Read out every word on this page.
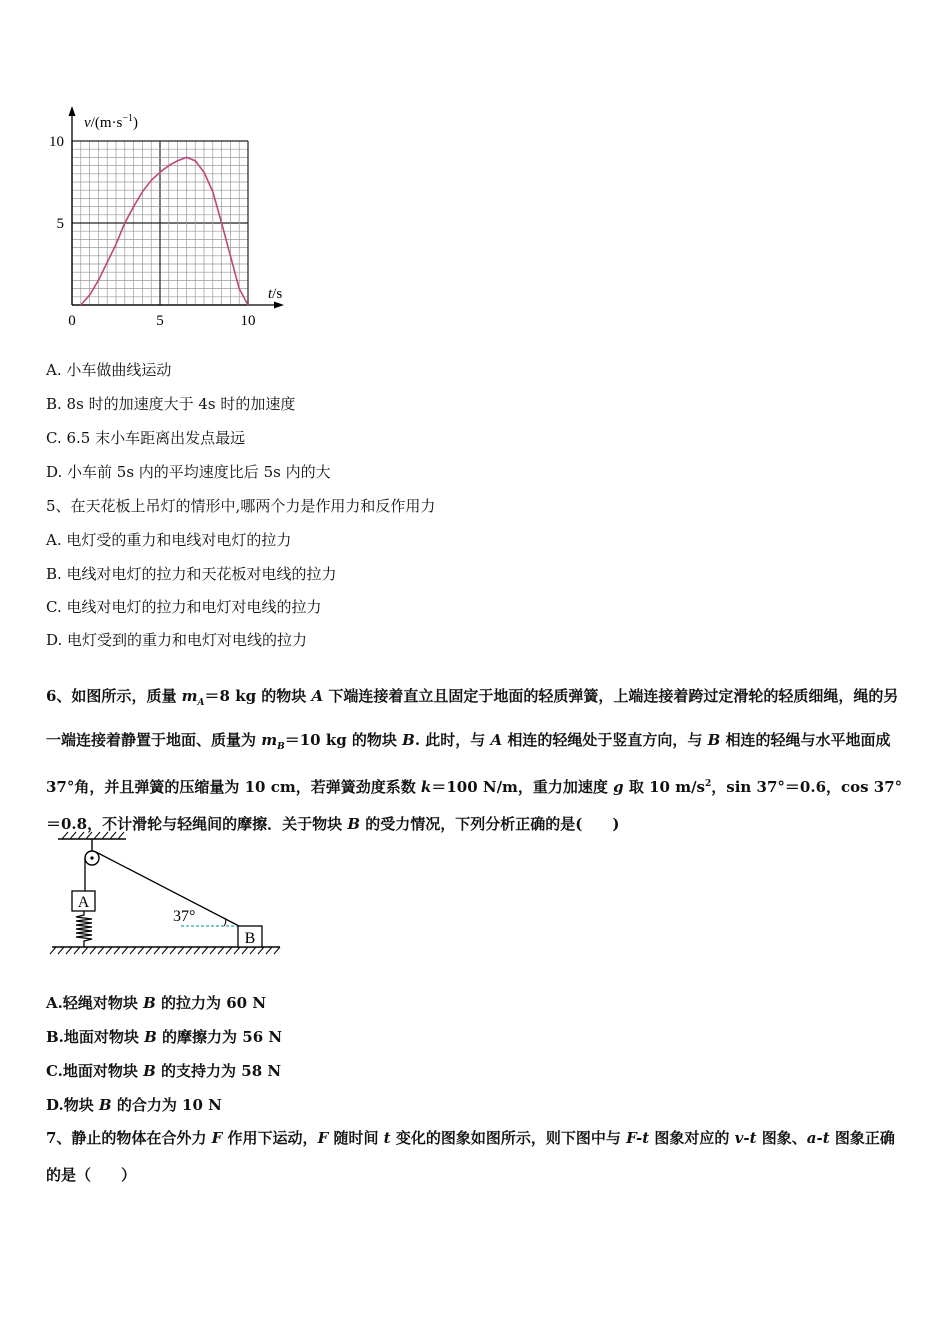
$v/(m\cdot s^{-1})$
t/s
0	5	10
5
10
A. 小车做曲线运动
B. 8s 时的加速度大于 4s 时的加速度
C. 6.5 末小车距离出发点最远
D. 小车前 5s 内的平均速度比后 5s 内的大
5、在天花板上吊灯的情形中,哪两个力是作用力和反作用力
A. 电灯受的重力和电线对电灯的拉力
B. 电线对电灯的拉力和天花板对电线的拉力
C. 电线对电灯的拉力和电灯对电线的拉力
D. 电灯受到的重力和电灯对电线的拉力
6、如图所示，质量 $m_A=8$ kg 的物块 A 下端连接着直立且固定于地面的轻质弹簧，上端连接着跨过定滑轮的轻质细绳，绳的另一端连接着静置于地面、质量为 $m_B=10$ kg 的物块 B. 此时，与 A 相连的轻绳处于竖直方向，与 B 相连的轻绳与水平地面成 37°角，并且弹簧的压缩量为 10 cm，若弹簧劲度系数 k＝100 N/m，重力加速度 g 取 10 $m/s^2$，sin 37°＝0.6，cos 37°＝0.8，不计滑轮与轻绳间的摩擦．关于物块 B 的受力情况，下列分析正确的是(　　)
A
37°
B
A.轻绳对物块 B 的拉力为 60 N
B.地面对物块 B 的摩擦力为 56 N
C.地面对物块 B 的支持力为 58 N
D.物块 B 的合力为 10 N
7、静止的物体在合外力 F 作用下运动，F 随时间 t 变化的图象如图所示，则下图中与 F-t 图象对应的 v-t 图象、a-t 图象正确的是（　　）
